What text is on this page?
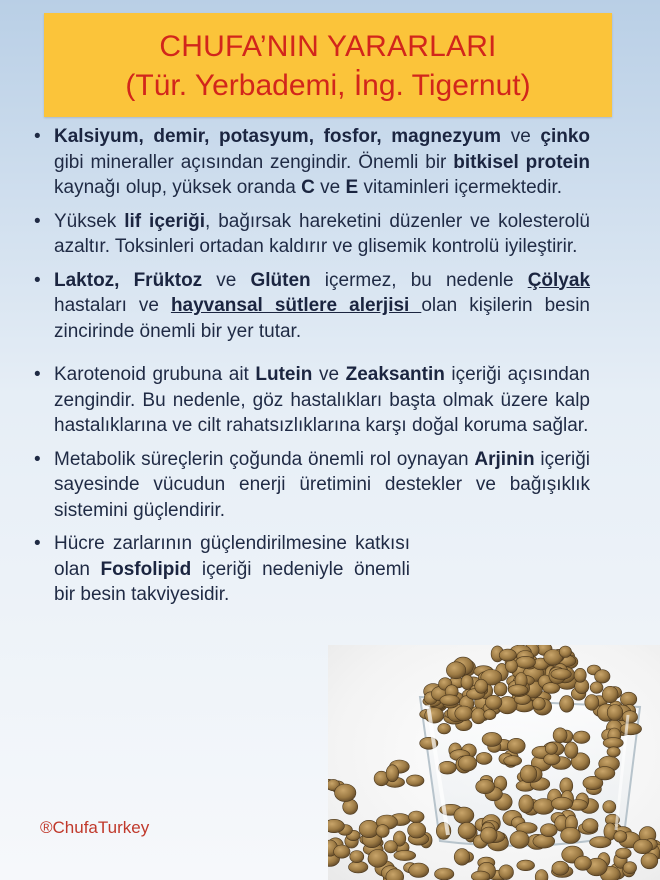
CHUFA’NIN YARARLARI
(Tür. Yerbademi, İng. Tigernut)
• Kalsiyum, demir, potasyum, fosfor, magnezyum ve çinko gibi mineraller açısından zengindir. Önemli bir bitkisel protein kaynağı olup, yüksek oranda C ve E vitaminleri içermektedir.
• Yüksek lif içeriği, bağırsak hareketini düzenler ve kolesterolü azaltır. Toksinleri ortadan kaldırır ve glisemik kontrolü iyileştirir.
• Laktoz, Früktoz ve Glüten içermez, bu nedenle Çölyak hastaları ve hayvansal sütlere alerjisi olan kişilerin besin zincirinde önemli bir yer tutar.
• Karotenoid grubuna ait Lutein ve Zeaksantin içeriği açısından zengindir. Bu nedenle, göz hastalıkları başta olmak üzere kalp hastalıklarına ve cilt rahatsızlıklarına karşı doğal koruma sağlar.
• Metabolik süreçlerin çoğunda önemli rol oynayan Arjinin içeriği sayesinde vücudun enerji üretimini destekler ve bağışıklık sistemini güçlendirir.
• Hücre zarlarının güçlendirilmesine katkısı olan Fosfolipid içeriği nedeniyle önemli bir besin takviyesidir.
®ChufaTurkey
